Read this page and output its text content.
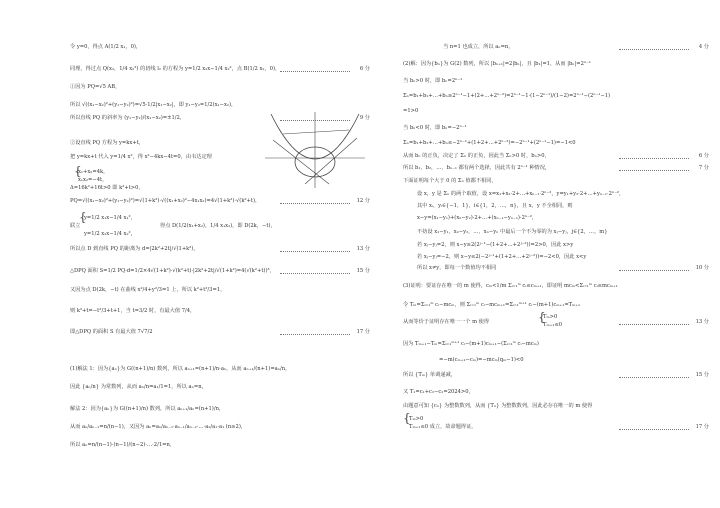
令 y=0，得点 A(1/2 x₁，0)，
同理，得过点 Q(x₂，1/4 x₂²) 的切线 l₂ 的方程为 y=1/2 x₂x−1/4 x₂²，点 B(1/2 x₂，0)，
①因为 PQ=√5 AB，
所以 √((x₁−x₂)²+(y₁−y₂)²)=√5·1/2|x₁−x₂|，即 y₁−y₂=1/2(x₁−x₂)，
所以直线 PQ 的斜率为 (y₁−y₂)/(x₁−x₂)=±1/2，
②设直线 PQ 方程为 y=kx+t，
把 y=kx+t 代入 y=1/4 x²，得 x²−4kx−4t=0，由韦达定理
x₁+x₂=4k，
x₁x₂=−4t，
Δ=16k²+16t>0 即 k²+t>0，
PQ=√((x₁−x₂)²+(y₁−y₂)²)=√(1+k²)·√((x₁+x₂)²−4x₁x₂)=4√(1+k²)·√(k²+t)，
y=1/2 x₁x−1/4 x₁²，
联立
y=1/2 x₂x−1/4 x₂²，
得点 D(1/2(x₁+x₂)，1/4 x₁x₂)，即 D(2k，−t)，
所以点 D 到直线 PQ 的距离为 d=|2k²+2t|/√(1+k²)，
△DPQ 面积 S=1/2 PQ·d=1/2×4√(1+k²)·√(k²+t)·|2k²+2t|/√(1+k²)=4(√(k²+t))³，
又因为点 D(2k，−t) 在曲线 x²/4+y²/3=1 上，所以 k²+t²/3=1，
则 k²+t=−t²/3+t+1，当 t=3/2 时，有最大值 7/4，
即△DPQ 的面积 S 有最大值 7√7/2
(1)解法 1：因为{aₙ}为 G((n+1)/n) 数列，所以 aₙ₊₁=(n+1)/n·aₙ，从而 aₙ₊₁/(n+1)=aₙ/n，
因此 {aₙ/n} 为常数列，从而 aₙ/n=a₁/1=1，所以 aₙ=n，
解法 2：因为{aₙ}为 G((n+1)/n) 数列，所以 aₙ₊₁/aₙ=(n+1)/n，
从而 aₙ/aₙ₋₁=n/(n−1)，又因为 aₙ=aₙ/aₙ₋₁·aₙ₋₁/aₙ₋₂·…·a₂/a₁·a₁ (n≥2)，
所以 aₙ=n/(n−1)·(n−1)/(n−2)·…·2/1=n，
6 分
9 分
12 分
13 分
15 分
17 分
当 n=1 也成立，所以 aₙ=n，
(2)解：因为{bₙ}为 G(2) 数列，所以 |bₙ₊₁|=2|bₙ|，且 |b₁|=1，从而 |bₙ|=2ⁿ⁻¹
当 bₙ>0 时，即 bₙ=2ⁿ⁻¹
Σₙ=b₁+b₂+…+bₙ≥2ⁿ⁻¹−1+(2+…+2ⁿ⁻²)=2ⁿ⁻¹−1·(1−2ⁿ⁻¹)/(1−2)=2ⁿ⁻¹−(2ⁿ⁻¹−1)
=1>0
当 bₙ<0 时，即 bₙ=−2ⁿ⁻¹
Σₙ=b₁+b₂+…+bₙ≤−2ⁿ⁻¹+(1+2+…+2ⁿ⁻²)=−2ⁿ⁻¹+(2ⁿ⁻¹−1)=−1<0
从而 bₙ 的正负，决定了 Σₙ 的正负，因此当 Σₙ>0 时，bₙ>0，
所以 b₁，b₂，…，bₙ₋₁ 都有两个选择，因此共有 2ⁿ⁻¹ 种情况，
下面证明每个大于 0 的 Σₙ 值都不相同，
设 x，y 是 Σₙ 的两个取值，设 x=x₁+x₂·2+…+xₙ₋₁·2ⁿ⁻²，y=y₁+y₂·2+…+yₙ₋₁·2ⁿ⁻²，
其中 xᵢ，yᵢ∈{−1，1}，i∈{1，2，…，n}，且 x，y 不全相同，则
x−y=(x₁−y₁)+(x₂−y₂)·2+…+(xₙ₋₁−yₙ₋₁)·2ⁿ⁻²，
不妨设 x₁−y₁，x₂−y₂，…，xₙ−yₙ 中最后一个不为零的为 xⱼ−yⱼ，j∈{2，…，m}
若 xⱼ−yⱼ=2，则 x−y≥2(2ʲ⁻¹−(1+2+…+2ʲ⁻²))=2>0，因此 x>y
若 xⱼ−yⱼ=−2，则 x−y≤2(−2ʲ⁻¹+(1+2+…+2ʲ⁻²))=−2<0，因此 x<y
所以 x≠y，即每一个数值均不相同
(3)证明：要证存在唯一的 m 使得，cₘ<1/m Σᵢ₌₁ᵐ cᵢ≤cₘ₊₁，即证明 mcₘ<Σᵢ₌₁ᵐ cᵢ≤mcₘ₊₁
令 Tₘ=Σᵢ₌₁ᵐ cᵢ−mcₘ，则 Σᵢ₌₁ᵐ cᵢ−mcₘ₊₁=Σᵢ₌₁ᵐ⁺¹ cᵢ−(m+1)cₘ₊₁=Tₘ₊₁
从而等价于证明存在唯一一个 m 使得
Tₘ>0
Tₘ₊₁≤0
因为 Tₘ₊₁−Tₘ=Σᵢ₌₁ᵐ⁺¹ cᵢ−(m+1)cₘ₊₁−(Σᵢ₌₁ᵐ cᵢ−mcₘ)
=−m(cₘ₊₁−cₘ)=−mcₘ(qₘ−1)<0
所以 {Tₘ} 单调递减，
又 T₁=c₁+c₂−c₂=2024>0，
由题意可知 {cₙ} 为整数数列，从而 {Tₙ} 为整数数列，因此必存在唯一的 m 使得
Tₘ>0
Tₘ₊₁≤0 成立，故命题得证。
4 分
6 分
7 分
10 分
13 分
15 分
17 分
{
{
{
{
